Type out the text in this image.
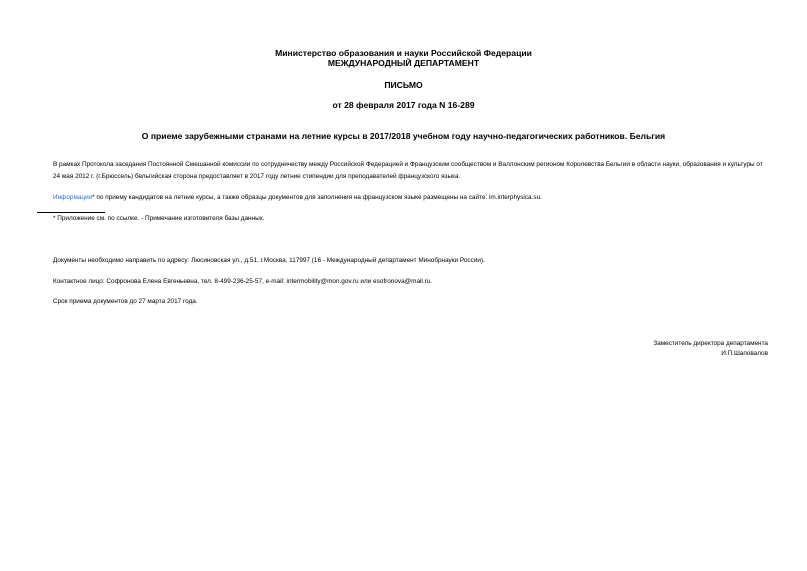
Министерство образования и науки Российской Федерации
МЕЖДУНАРОДНЫЙ ДЕПАРТАМЕНТ
ПИСЬМО
от 28 февраля 2017 года N 16-289
О приеме зарубежными странами на летние курсы в 2017/2018 учебном году научно-педагогических работников. Бельгия
В рамках Протокола заседания Постоянной Смешанной комиссии по сотрудничеству между Российской Федерацией и Французским сообществом и Валлонским регионом Королевства Бельгии в области науки, образования и культуры от 24 мая 2012 г. (г.Брюссель) бельгийская сторона предоставляет в 2017 году летние стипендии для преподавателей французского языка.
Информация* по приему кандидатов на летние курсы, а также образцы документов для заполнения на французском языке размещены на сайте: im.interphysica.su.
* Приложение см. по ссылке. - Примечание изготовителя базы данных.
Документы необходимо направить по адресу: Люсиновская ул., д.51, г.Москва, 117997 (16 - Международный департамент Минобрнауки России).
Контактное лицо: Софронова Елена Евгеньевна, тел. 8-499-236-25-57, e-mail: intermobility@mon.gov.ru или esofronova@mail.ru.
Срок приема документов до 27 марта 2017 года.
Заместитель директора департамента
И.П.Шаповалов
